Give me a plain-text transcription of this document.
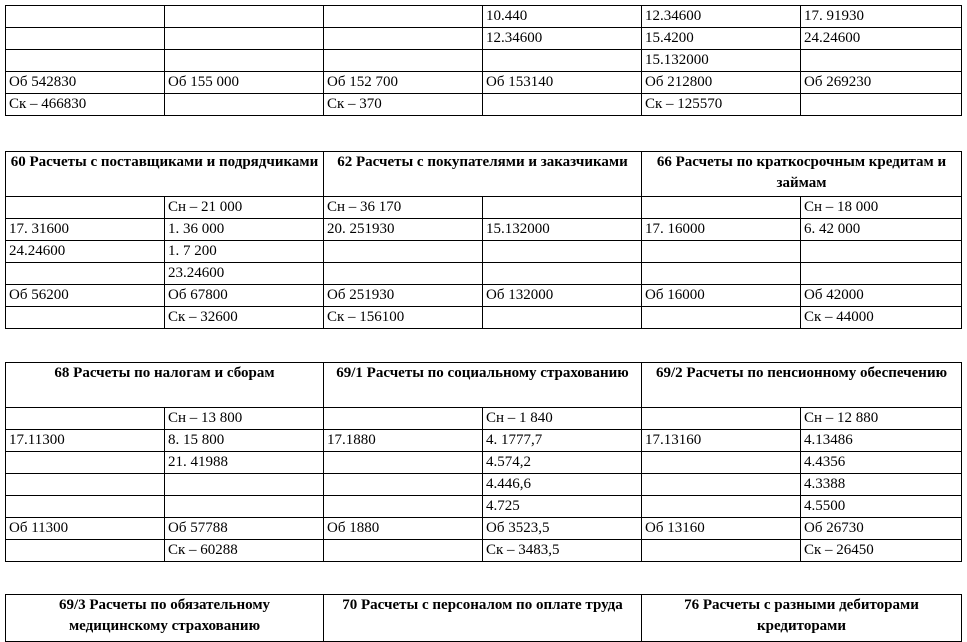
			10.440	12.34600	17. 91930
			12.34600	15.4200	24.24600
				15.132000	
Об 542830	Об 155 000	Об 152 700	Об 153140	Об 212800	Об 269230
Ск – 466830		Ск – 370		Ск – 125570	
60 Расчеты с поставщиками и подрядчиками		62 Расчеты с покупателями и заказчиками		66 Расчеты по краткосрочным кредитам и займам	
	Сн – 21 000	Сн – 36 170			Сн – 18 000
17. 31600	1. 36 000	20. 251930	15.132000	17. 16000	6. 42 000
24.24600	1. 7 200				
	23.24600				
Об 56200	Об 67800	Об 251930	Об 132000	Об 16000	Об 42000
	Ск – 32600	Ск – 156100			Ск – 44000
68 Расчеты по налогам и сборам		69/1 Расчеты по социальному страхованию		69/2 Расчеты по пенсионному обеспечению	
	Сн – 13 800		Сн – 1 840		Сн – 12 880
17.11300	8. 15 800	17.1880	4. 1777,7	17.13160	4.13486
	21. 41988		4.574,2		4.4356
			4.446,6		4.3388
			4.725		4.5500
Об 11300	Об 57788	Об 1880	Об 3523,5	Об 13160	Об 26730
	Ск – 60288		Ск – 3483,5		Ск – 26450
69/3 Расчеты по обязательному медицинскому страхованию	70 Расчеты с персоналом по оплате труда	76 Расчеты с разными дебиторами кредиторами
